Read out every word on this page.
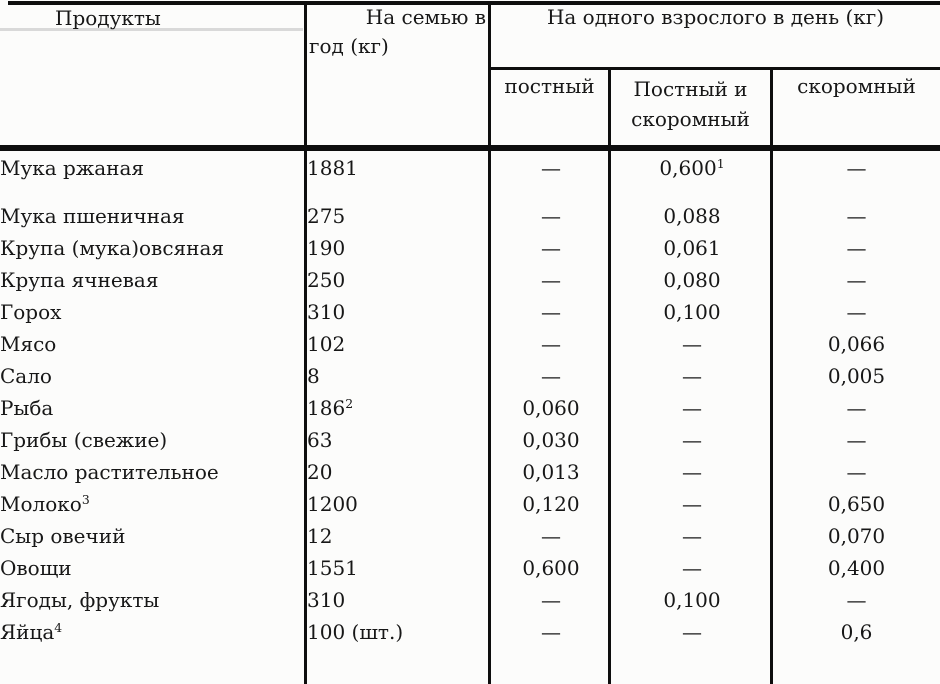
Продукты	На семью в
год (кг)
На одного взрослого в день (кг)
постный	Постный и скоромный
скоромный
Мука ржаная	1881	—	0,600$^1$	—
Мука пшеничная	275	—	0,088	—
Крупа (мука)овсяная	190	—	0,061	—
Крупа ячневая	250	—	0,080	—
Горох	310	—	0,100	—
Мясо	102	—	—	0,066
Сало	8	—	—	0,005
Рыба	$186^2$	0,060	—	—
Грибы (свежие)	63	0,030	—	—
Масло растительное	20	0,013	—	—
Молоко$^3$	1200	0,120	—	0,650
Сыр овечий	12	—	—	0,070
Овощи	1551	0,600	—	0,400
Ягоды, фрукты	310	—	0,100	—
Яйца$^4$	100 (шт.)	—	—	0,6
